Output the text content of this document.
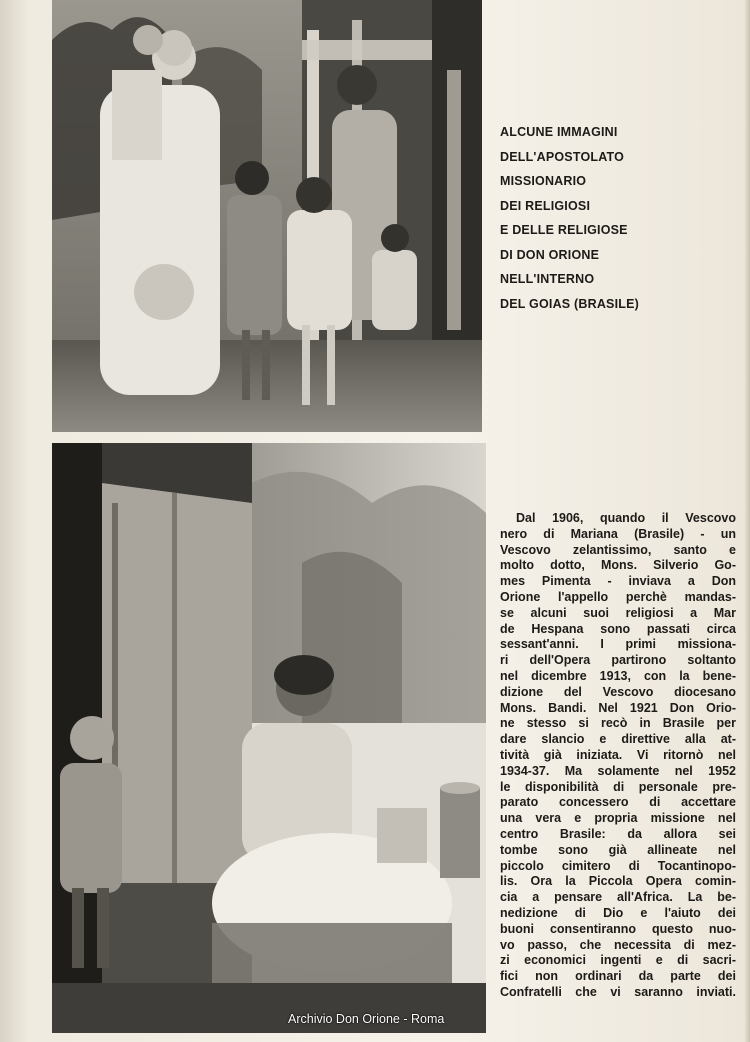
ALCUNE IMMAGINI
DELL'APOSTOLATO
MISSIONARIO
DEI RELIGIOSI
E DELLE RELIGIOSE
DI DON ORIONE
NELL'INTERNO
DEL GOIAS (BRASILE)
Dal 1906, quando il Vescovo
nero di Mariana (Brasile) - un
Vescovo zelantissimo, santo e
molto dotto, Mons. Silverio Go-
mes Pimenta - inviava a Don
Orione l'appello perchè mandas-
se alcuni suoi religiosi a Mar
de Hespana sono passati circa
sessant'anni. I primi missiona-
ri dell'Opera partirono soltanto
nel dicembre 1913, con la bene-
dizione del Vescovo diocesano
Mons. Bandi. Nel 1921 Don Orio-
ne stesso si recò in Brasile per
dare slancio e direttive alla at-
tività già iniziata. Vi ritornò nel
1934-37. Ma solamente nel 1952
le disponibilità di personale pre-
parato concessero di accettare
una vera e propria missione nel
centro Brasile: da allora sei
tombe sono già allineate nel
piccolo cimitero di Tocantinopo-
lis. Ora la Piccola Opera comin-
cia a pensare all'Africa. La be-
nedizione di Dio e l'aiuto dei
buoni consentiranno questo nuo-
vo passo, che necessita di mez-
zi economici ingenti e di sacri-
fici non ordinari da parte dei
Confratelli che vi saranno inviati.
Archivio Don Orione - Roma
